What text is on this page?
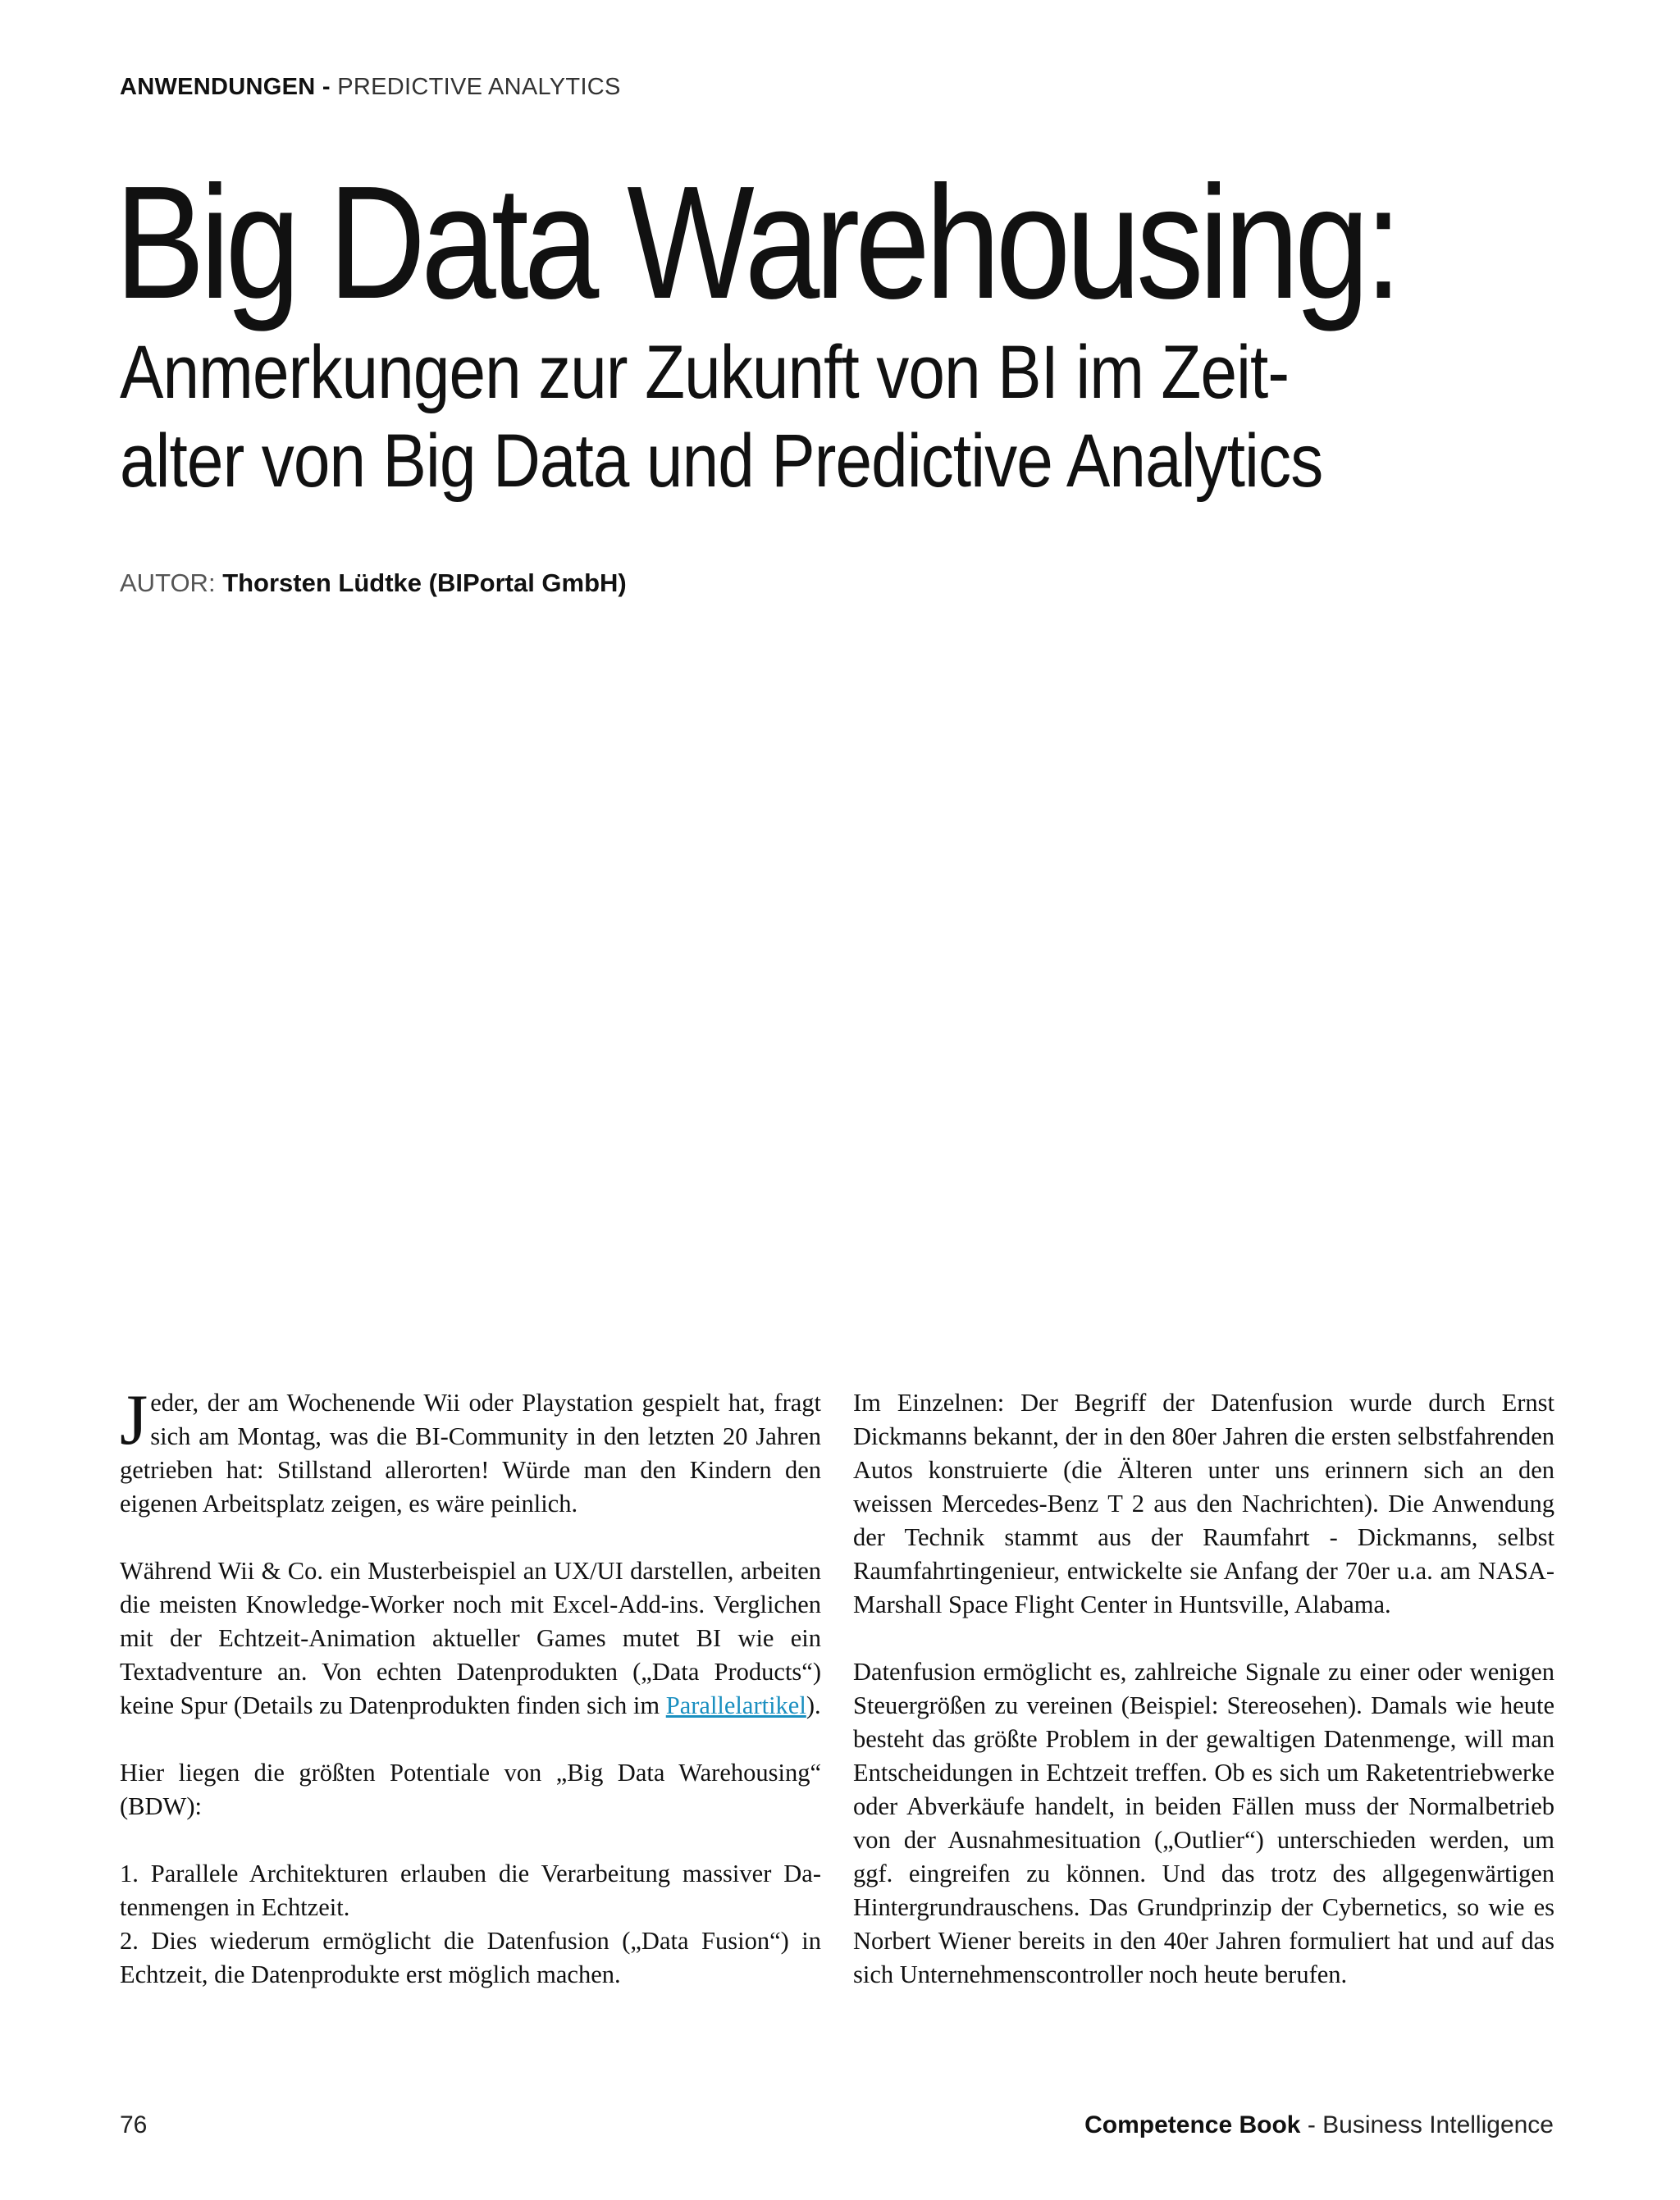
ANWENDUNGEN - PREDICTIVE ANALYTICS
Big Data Warehousing:
Anmerkungen zur Zukunft von BI im Zeit-
alter von Big Data und Predictive Analytics
AUTOR: Thorsten Lüdtke (BIPortal GmbH)

Jeder, der am Wochenende Wii oder Playstation gespielt hat, fragt sich am Montag, was die BI-Community in den letzten 20 Jahren getrieben hat: Stillstand allerorten! Würde man den Kindern den eigenen Arbeitsplatz zeigen, es wäre peinlich.

Während Wii & Co. ein Musterbeispiel an UX/UI darstellen, arbeiten die meisten Knowledge-Worker noch mit Excel-Add-ins. Verglichen mit der Echtzeit-Animation aktueller Games mutet BI wie ein Textadventure an. Von echten Datenprodukten („Data Products“) keine Spur (Details zu Datenprodukten finden sich im Parallelartikel).

Hier liegen die größten Potentiale von „Big Data Warehousing“ (BDW):

1. Parallele Architekturen erlauben die Verarbeitung massiver Datenmengen in Echtzeit.

2. Dies wiederum ermöglicht die Datenfusion („Data Fusion“) in Echtzeit, die Datenprodukte erst möglich machen.

Im Einzelnen: Der Begriff der Datenfusion wurde durch Ernst Dickmanns bekannt, der in den 80er Jahren die ersten selbstfahrenden Autos konstruierte (die Älteren unter uns erinnern sich an den weissen Mercedes-Benz T 2 aus den Nachrichten). Die Anwendung der Technik stammt aus der Raumfahrt - Dickmanns, selbst Raumfahrtingenieur, entwickelte sie Anfang der 70er u.a. am NASA-Marshall Space Flight Center in Huntsville, Alabama.

Datenfusion ermöglicht es, zahlreiche Signale zu einer oder wenigen Steuergrößen zu vereinen (Beispiel: Stereosehen). Damals wie heute besteht das größte Problem in der gewaltigen Datenmenge, will man Entscheidungen in Echtzeit treffen. Ob es sich um Raketentriebwerke oder Abverkäufe handelt, in beiden Fällen muss der Normalbetrieb von der Ausnahmesituation („Outlier“) unterschieden werden, um ggf. eingreifen zu können. Und das trotz des allgegenwärtigen Hintergrundrauschens. Das Grundprinzip der Cybernetics, so wie es Norbert Wiener bereits in den 40er Jahren formuliert hat und auf das sich Unternehmenscontroller noch heute berufen.

76	Competence Book - Business Intelligence
